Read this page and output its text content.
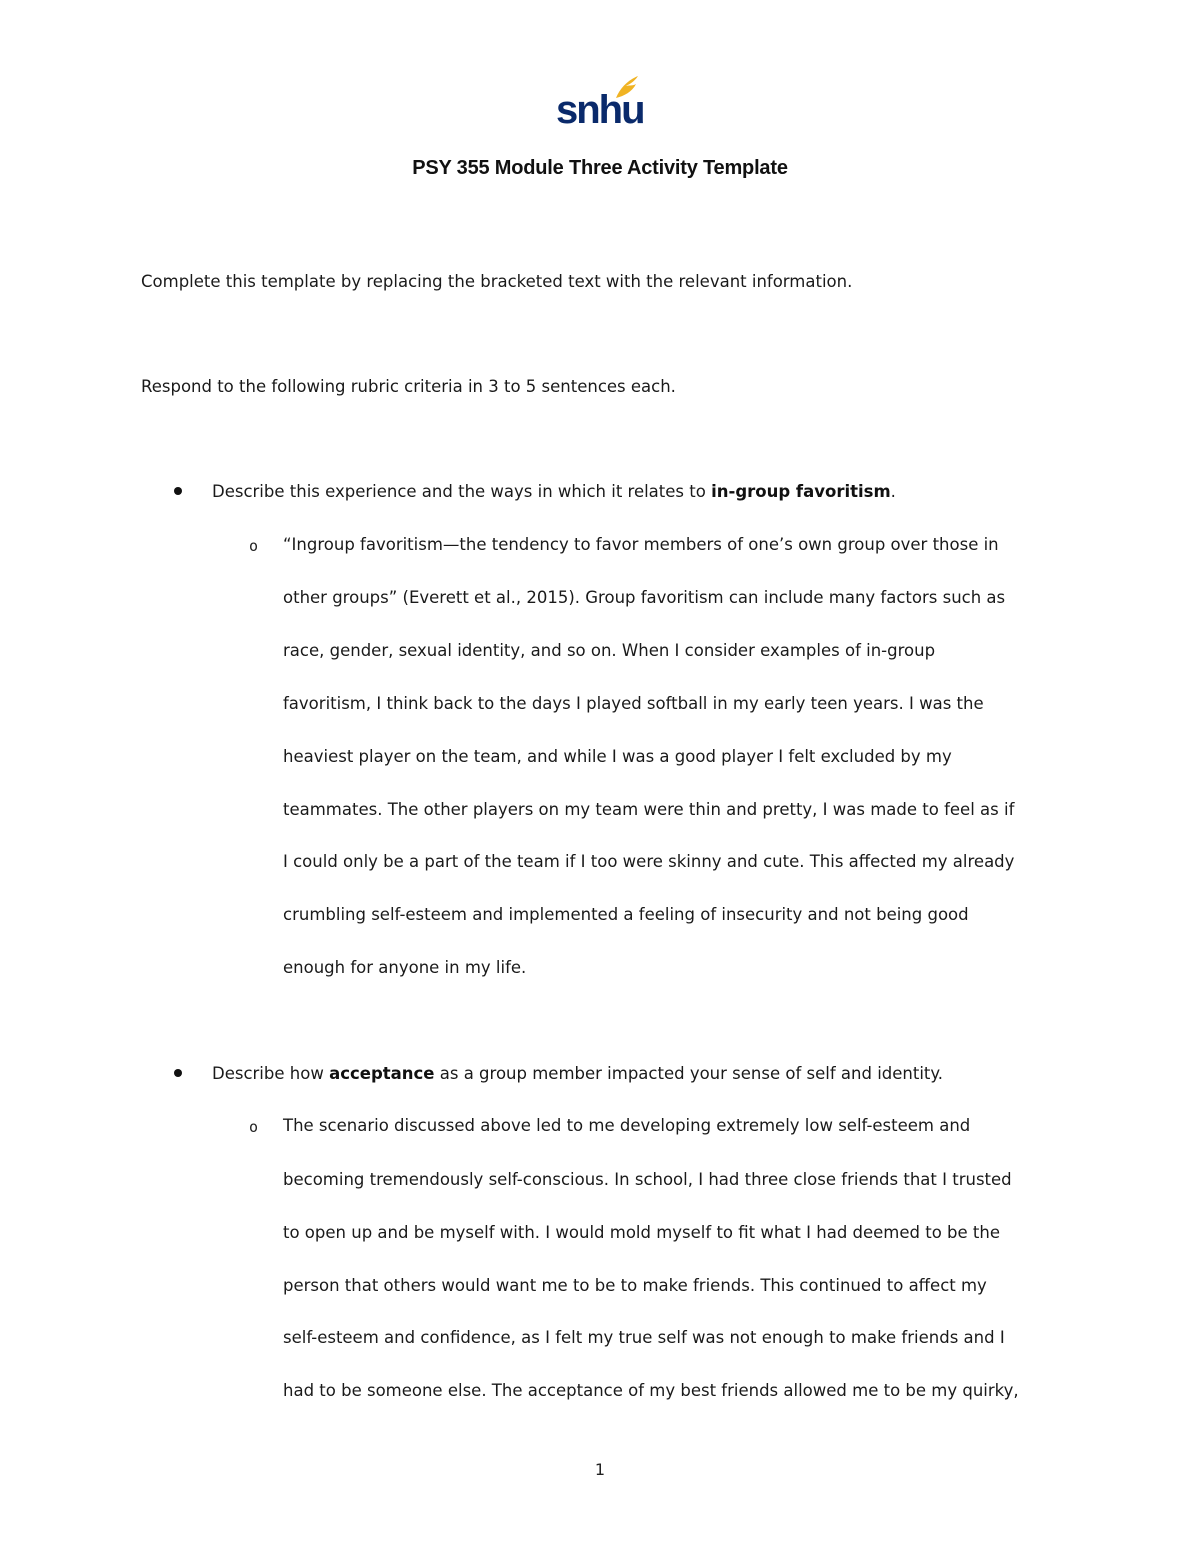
snhu
PSY 355 Module Three Activity Template
Complete this template by replacing the bracketed text with the relevant information.
Respond to the following rubric criteria in 3 to 5 sentences each.
Describe this experience and the ways in which it relates to in-group favoritism.
o “Ingroup favoritism—the tendency to favor members of one’s own group over those in
other groups” (Everett et al., 2015). Group favoritism can include many factors such as
race, gender, sexual identity, and so on. When I consider examples of in-group
favoritism, I think back to the days I played softball in my early teen years. I was the
heaviest player on the team, and while I was a good player I felt excluded by my
teammates. The other players on my team were thin and pretty, I was made to feel as if
I could only be a part of the team if I too were skinny and cute. This affected my already
crumbling self-esteem and implemented a feeling of insecurity and not being good
enough for anyone in my life.
Describe how acceptance as a group member impacted your sense of self and identity.
o The scenario discussed above led to me developing extremely low self-esteem and
becoming tremendously self-conscious. In school, I had three close friends that I trusted
to open up and be myself with. I would mold myself to fit what I had deemed to be the
person that others would want me to be to make friends. This continued to affect my
self-esteem and confidence, as I felt my true self was not enough to make friends and I
had to be someone else. The acceptance of my best friends allowed me to be my quirky,
1
